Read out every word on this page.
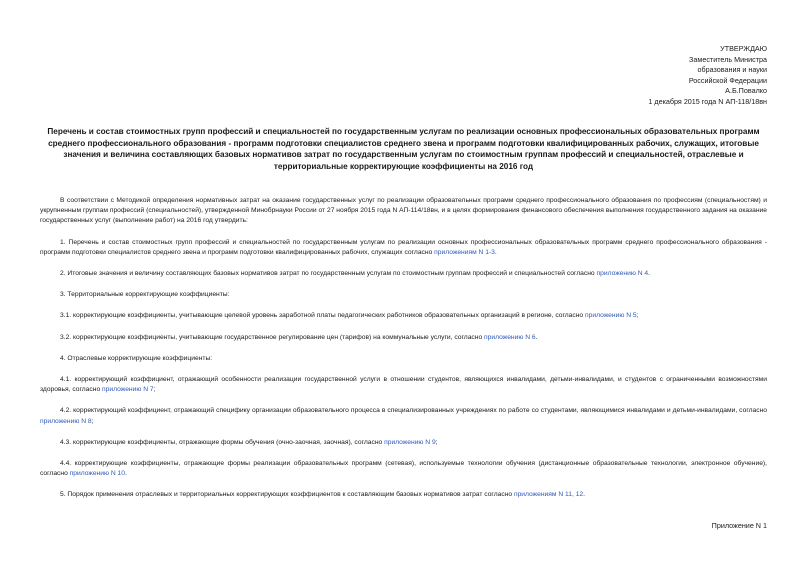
УТВЕРЖДАЮ
Заместитель Министра
образования и науки
Российской Федерации
А.Б.Повалко
1 декабря 2015 года N АП-118/18вн
Перечень и состав стоимостных групп профессий и специальностей по государственным услугам по реализации основных профессиональных образовательных программ среднего профессионального образования - программ подготовки специалистов среднего звена и программ подготовки квалифицированных рабочих, служащих, итоговые значения и величина составляющих базовых нормативов затрат по государственным услугам по стоимостным группам профессий и специальностей, отраслевые и территориальные корректирующие коэффициенты на 2016 год

В соответствии с Методикой определения нормативных затрат на оказание государственных услуг по реализации образовательных программ среднего профессионального образования по профессиям (специальностям) и укрупненным группам профессий (специальностей), утвержденной Минобрнауки России от 27 ноября 2015 года N АП-114/18вн, и в целях формирования финансового обеспечения выполнения государственного задания на оказание государственных услуг (выполнение работ) на 2016 год утвердить:

1. Перечень и состав стоимостных групп профессий и специальностей по государственным услугам по реализации основных профессиональных образовательных программ среднего профессионального образования - программ подготовки специалистов среднего звена и программ подготовки квалифицированных рабочих, служащих согласно приложениям N 1-3.

2. Итоговые значения и величину составляющих базовых нормативов затрат по государственным услугам по стоимостным группам профессий и специальностей согласно приложению N 4.

3. Территориальные корректирующие коэффициенты:

3.1. корректирующие коэффициенты, учитывающие целевой уровень заработной платы педагогических работников образовательных организаций в регионе, согласно приложению N 5;

3.2. корректирующие коэффициенты, учитывающие государственное регулирование цен (тарифов) на коммунальные услуги, согласно приложению N 6.

4. Отраслевые корректирующие коэффициенты:

4.1. корректирующий коэффициент, отражающий особенности реализации государственной услуги в отношении студентов, являющихся инвалидами, детьми-инвалидами, и студентов с ограниченными возможностями здоровья, согласно приложению N 7;

4.2. корректирующий коэффициент, отражающий специфику организации образовательного процесса в специализированных учреждениях по работе со студентами, являющимися инвалидами и детьми-инвалидами, согласно приложению N 8;

4.3. корректирующие коэффициенты, отражающие формы обучения (очно-заочная, заочная), согласно приложению N 9;

4.4. корректирующие коэффициенты, отражающие формы реализации образовательных программ (сетевая), используемые технологии обучения (дистанционные образовательные технологии, электронное обучение), согласно приложению N 10.

5. Порядок применения отраслевых и территориальных корректирующих коэффициентов к составляющим базовых нормативов затрат согласно приложениям N 11, 12.

Приложение N 1
